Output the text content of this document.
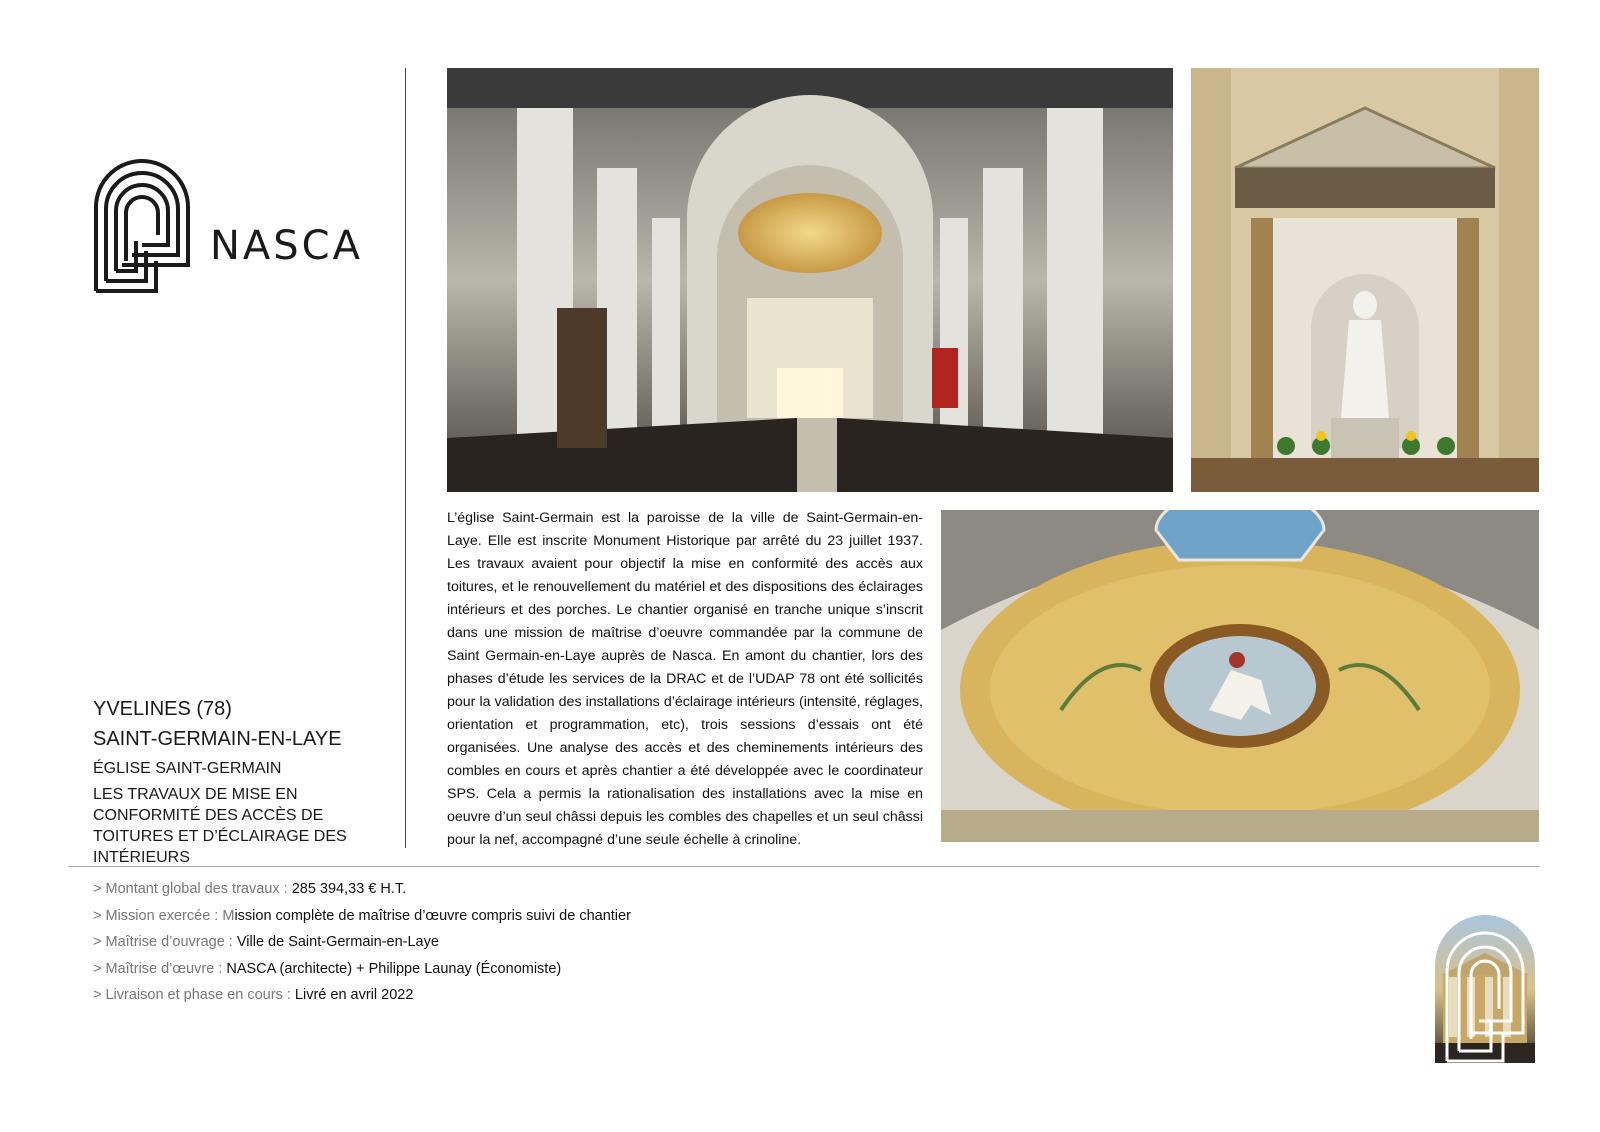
NASCA
YVELINES (78)
SAINT-GERMAIN-EN-LAYE
ÉGLISE SAINT-GERMAIN
LES TRAVAUX DE MISE EN CONFORMITÉ DES ACCÈS DE TOITURES ET D’ÉCLAIRAGE DES INTÉRIEURS
L’église Saint-Germain est la paroisse de la ville de Saint-Germain-en-Laye. Elle est inscrite Monument Historique par arrêté du 23 juillet 1937. Les travaux avaient pour objectif la mise en conformité des accès aux toitures, et le renouvellement du matériel et des dispositions des éclairages intérieurs et des porches. Le chantier organisé en tranche unique s’inscrit dans une mission de maîtrise d’oeuvre commandée par la commune de Saint Germain-en-Laye auprès de Nasca. En amont du chantier, lors des phases d’étude les services de la DRAC et de l’UDAP 78 ont été sollicités pour la validation des installations d’éclairage intérieurs (intensité, réglages, orientation et programmation, etc), trois sessions d’essais ont été organisées. Une analyse des accès et des cheminements intérieurs des combles en cours et après chantier a été développée avec le coordinateur SPS. Cela a permis la rationalisation des installations avec la mise en oeuvre d’un seul châssi depuis les combles des chapelles et un seul châssi pour la nef, accompagné d’une seule échelle à crinoline.
> Montant global des travaux : 285 394,33 € H.T.
> Mission exercée : Mission complète de maîtrise d’œuvre compris suivi de chantier
> Maîtrise d’ouvrage : Ville de Saint-Germain-en-Laye
> Maîtrise d’œuvre : NASCA (architecte) + Philippe Launay (Économiste)
> Livraison et phase en cours : Livré en avril 2022
